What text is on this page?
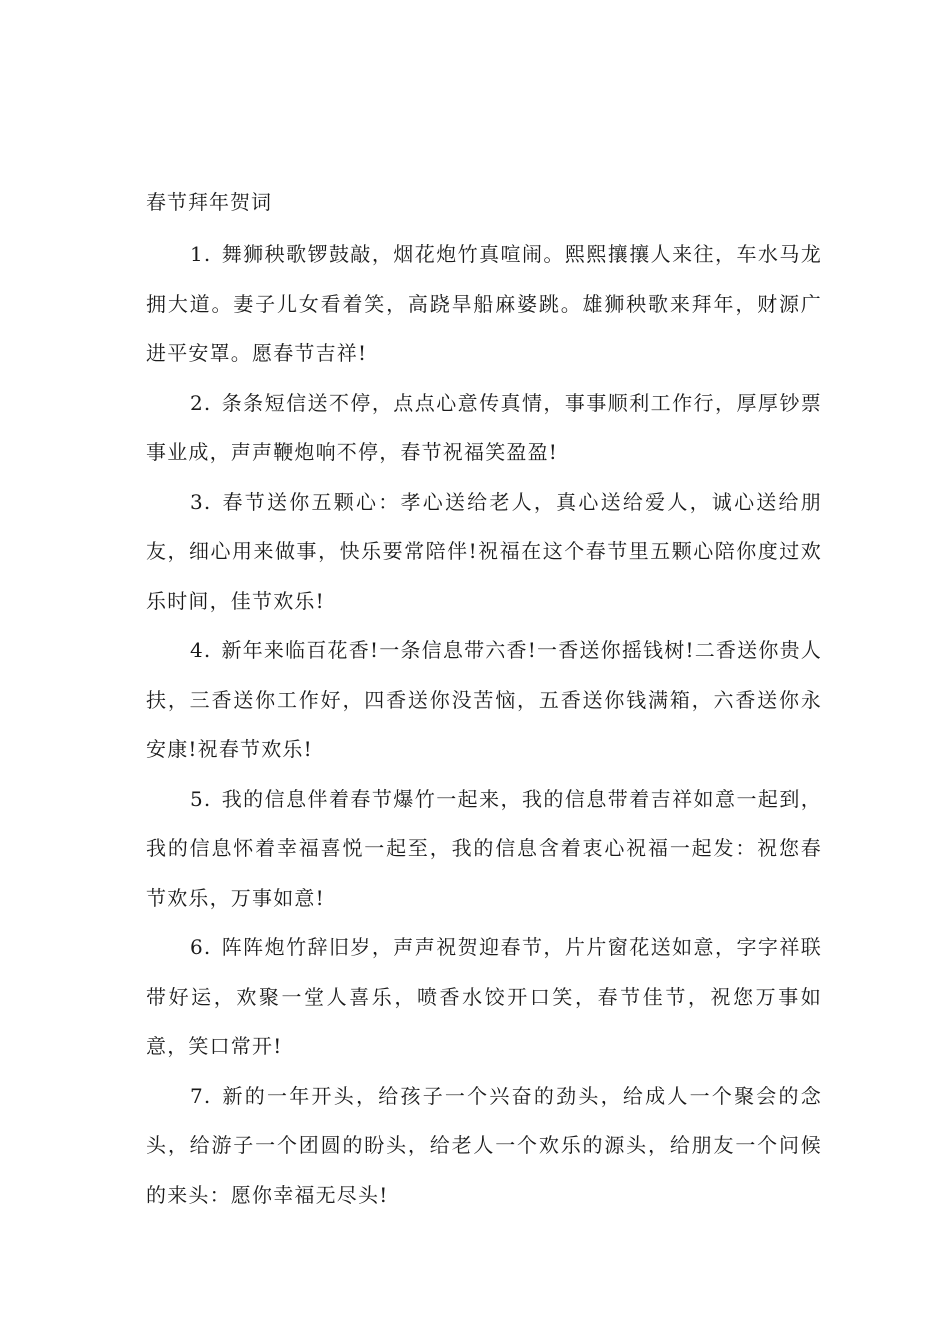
春节拜年贺词

1. 舞狮秧歌锣鼓敲，烟花炮竹真喧闹。熙熙攘攘人来往，车水马龙拥大道。妻子儿女看着笑，高跷旱船麻婆跳。雄狮秧歌来拜年，财源广进平安罩。愿春节吉祥!

2. 条条短信送不停，点点心意传真情，事事顺利工作行，厚厚钞票事业成，声声鞭炮响不停，春节祝福笑盈盈!

3. 春节送你五颗心：孝心送给老人，真心送给爱人，诚心送给朋友，细心用来做事，快乐要常陪伴!祝福在这个春节里五颗心陪你度过欢乐时间，佳节欢乐!

4. 新年来临百花香!一条信息带六香!一香送你摇钱树!二香送你贵人扶，三香送你工作好，四香送你没苦恼，五香送你钱满箱，六香送你永安康!祝春节欢乐!

5. 我的信息伴着春节爆竹一起来，我的信息带着吉祥如意一起到，我的信息怀着幸福喜悦一起至，我的信息含着衷心祝福一起发：祝您春节欢乐，万事如意!

6. 阵阵炮竹辞旧岁，声声祝贺迎春节，片片窗花送如意，字字祥联带好运，欢聚一堂人喜乐，喷香水饺开口笑，春节佳节，祝您万事如意，笑口常开!

7. 新的一年开头，给孩子一个兴奋的劲头，给成人一个聚会的念头，给游子一个团圆的盼头，给老人一个欢乐的源头，给朋友一个问候的来头：愿你幸福无尽头!
